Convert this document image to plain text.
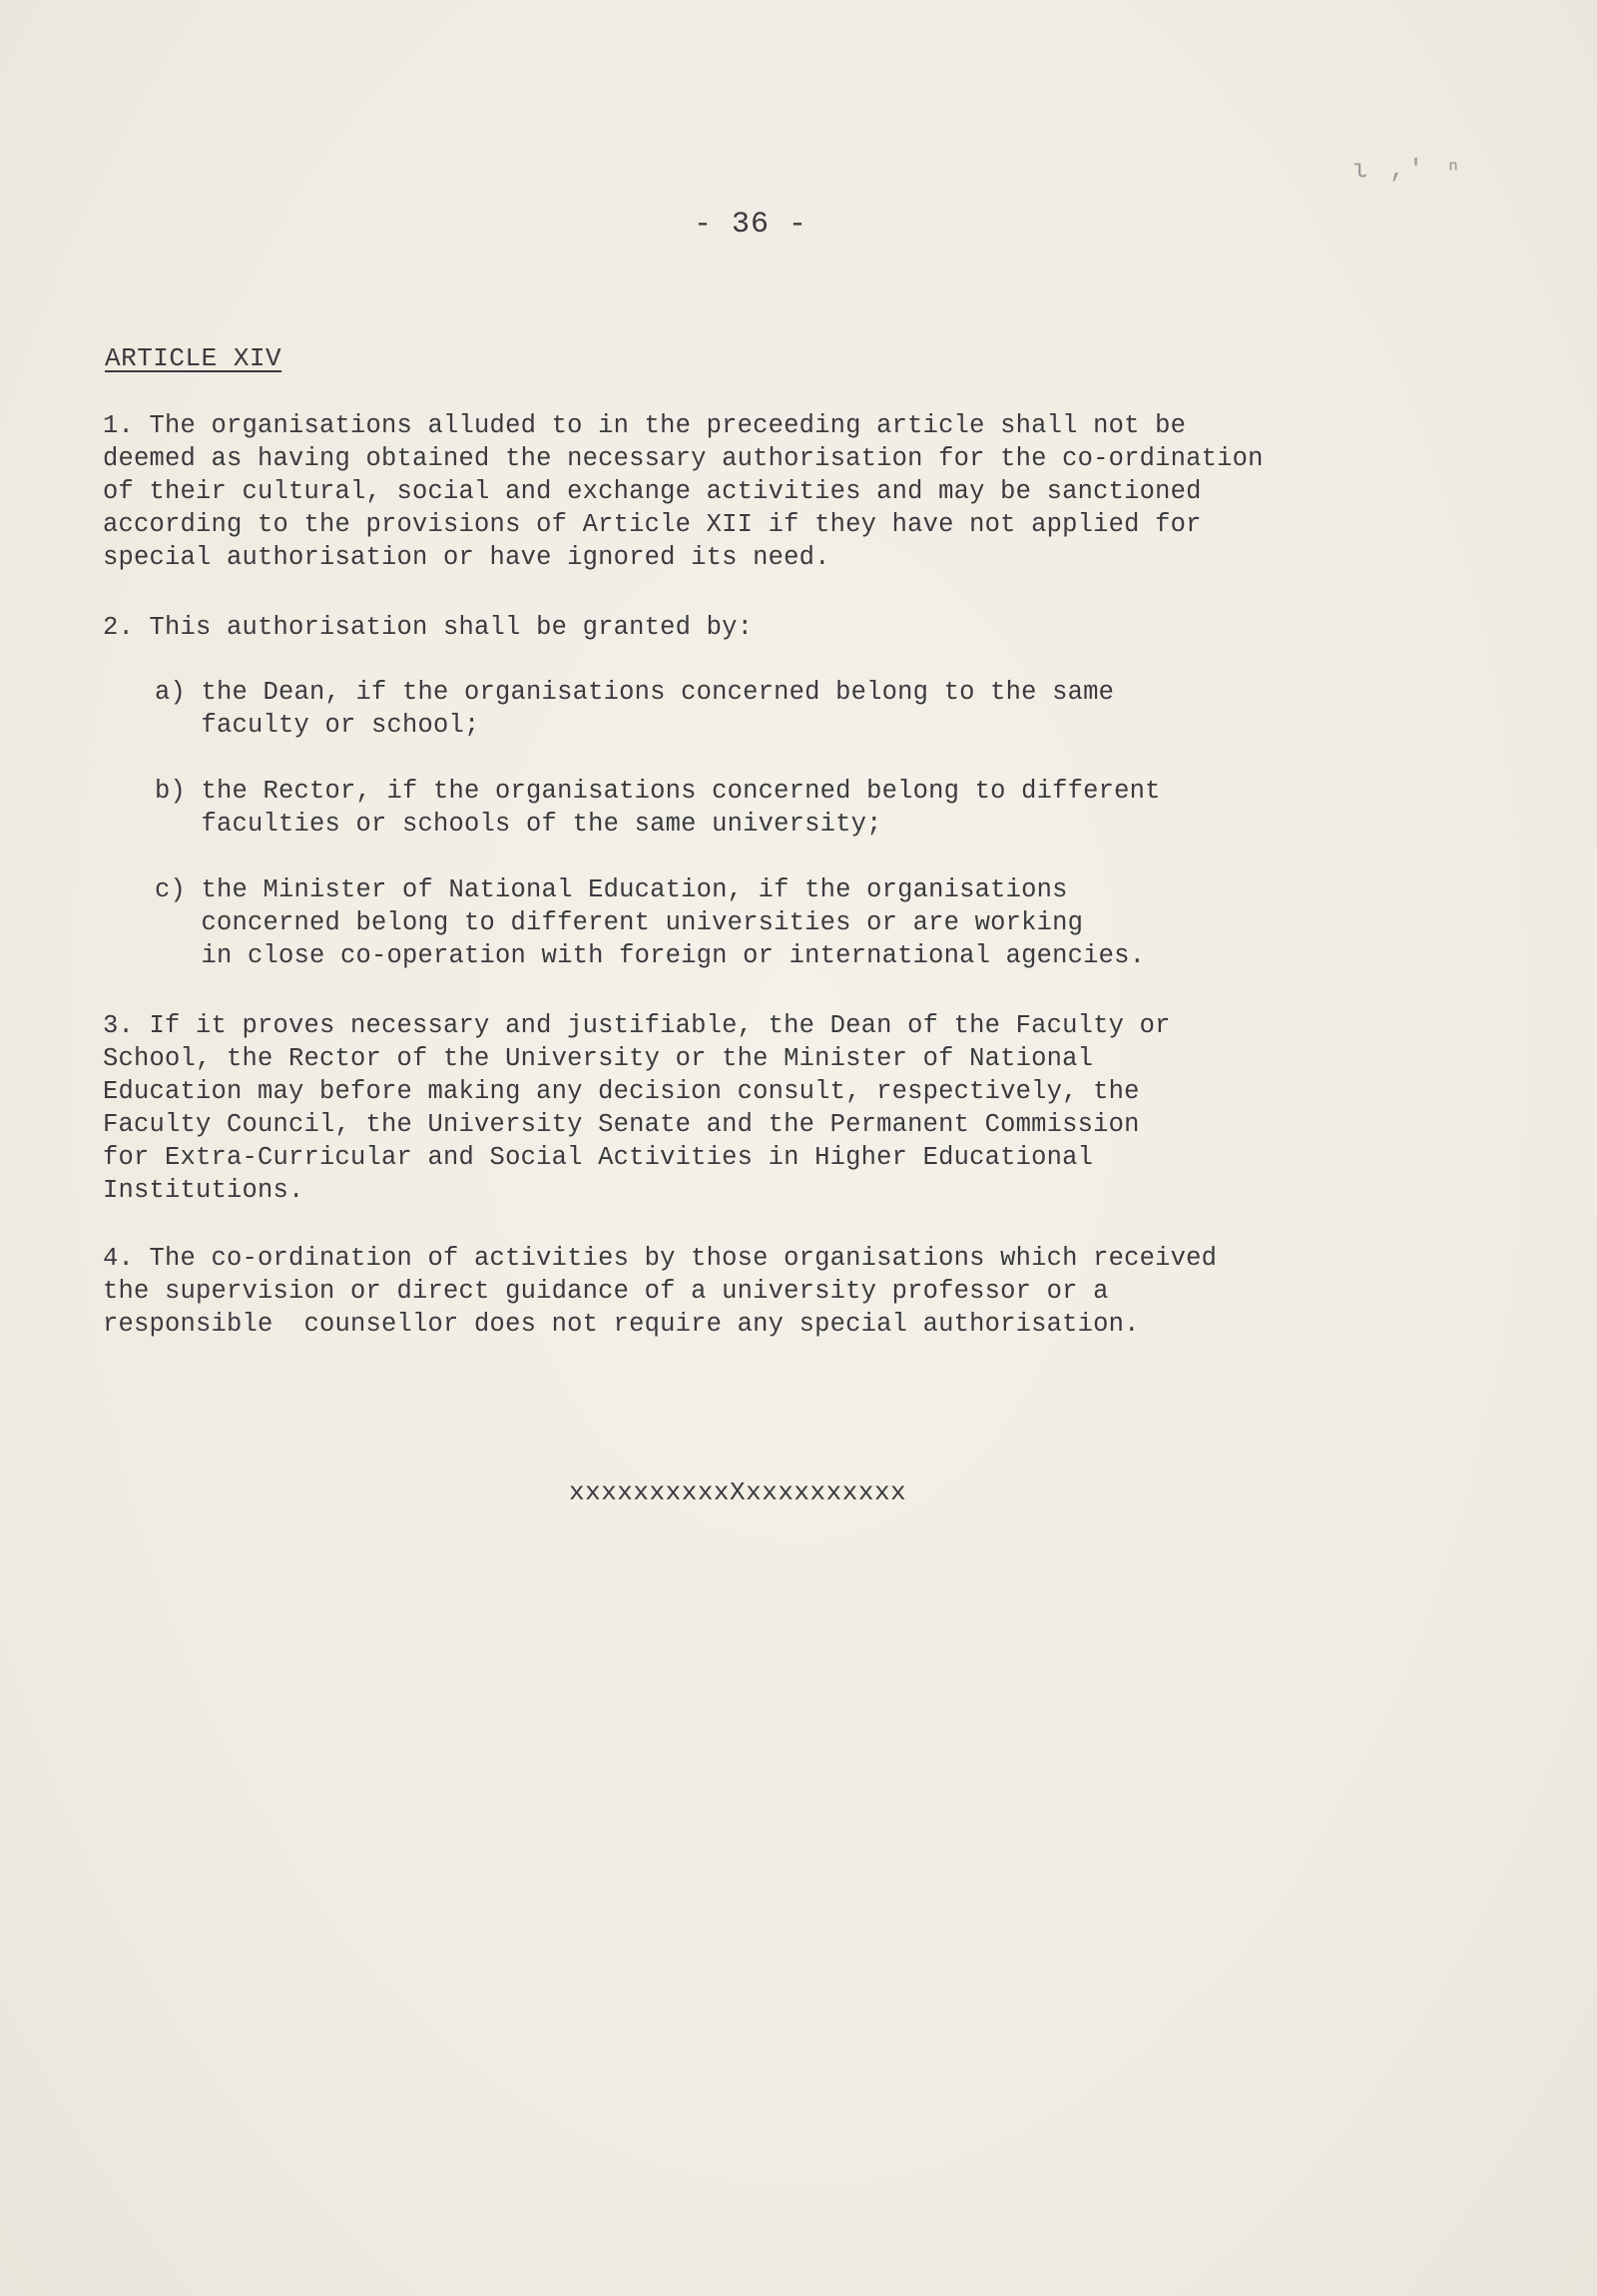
ι ,' ⁿ
- 36 -
ARTICLE XIV
1. The organisations alluded to in the preceeding article shall not be
deemed as having obtained the necessary authorisation for the co-ordination
of their cultural, social and exchange activities and may be sanctioned
according to the provisions of Article XII if they have not applied for
special authorisation or have ignored its need.
2. This authorisation shall be granted by:
a) the Dean, if the organisations concerned belong to the same
faculty or school;
b) the Rector, if the organisations concerned belong to different
faculties or schools of the same university;
c) the Minister of National Education, if the organisations
concerned belong to different universities or are working
in close co-operation with foreign or international agencies.
3. If it proves necessary and justifiable, the Dean of the Faculty or
School, the Rector of the University or the Minister of National
Education may before making any decision consult, respectively, the
Faculty Council, the University Senate and the Permanent Commission
for Extra-Curricular and Social Activities in Higher Educational
Institutions.
4. The co-ordination of activities by those organisations which received
the supervision or direct guidance of a university professor or a
responsible  counsellor does not require any special authorisation.
xxxxxxxxxxXxxxxxxxxxx
